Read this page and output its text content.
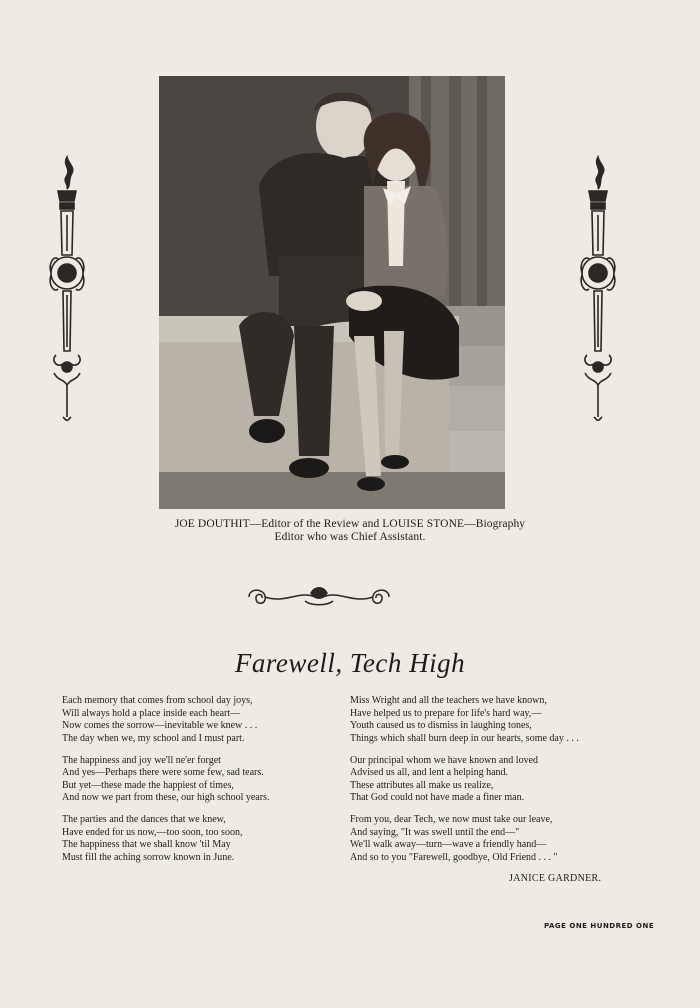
JOE DOUTHIT—Editor of the Review and LOUISE STONE—Biography
Editor who was Chief Assistant.
Farewell, Tech High
Each memory that comes from school day joys,
Will always hold a place inside each heart—
Now comes the sorrow—inevitable we knew . . .
The day when we, my school and I must part.
The happiness and joy we'll ne'er forget
And yes—Perhaps there were some few, sad tears.
But yet—these made the happiest of times,
And now we part from these, our high school years.
The parties and the dances that we knew,
Have ended for us now,—too soon, too soon,
The happiness that we shall know 'til May
Must fill the aching sorrow known in June.
Miss Wright and all the teachers we have known,
Have helped us to prepare for life's hard way,—
Youth caused us to dismiss in laughing tones,
Things which shall burn deep in our hearts, some day . . .
Our principal whom we have known and loved
Advised us all, and lent a helping hand.
These attributes all make us realize,
That God could not have made a finer man.
From you, dear Tech, we now must take our leave,
And saying, "It was swell until the end—"
We'll walk away—turn—wave a friendly hand—
And so to you "Farewell, goodbye, Old Friend . . . "
JANICE GARDNER.
PAGE ONE HUNDRED ONE
